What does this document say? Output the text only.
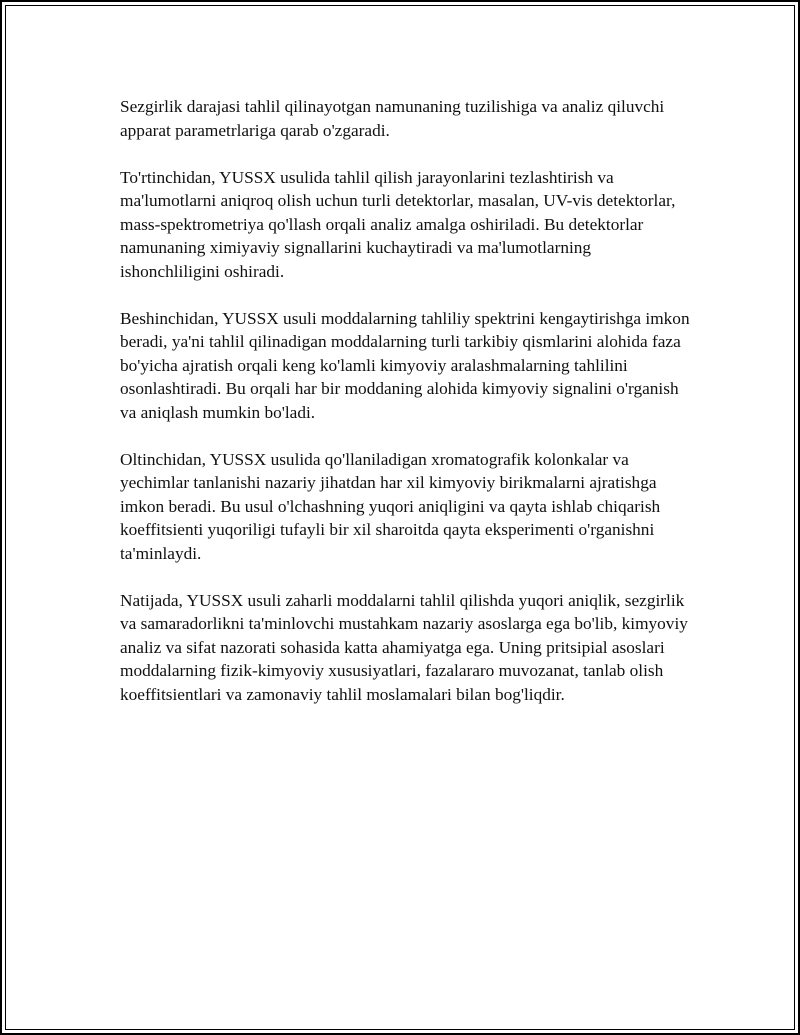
Sezgirlik darajasi tahlil qilinayotgan namunaning tuzilishiga va analiz qiluvchi apparat parametrlariga qarab o'zgaradi.

To'rtinchidan, YUSSX usulida tahlil qilish jarayonlarini tezlashtirish va ma'lumotlarni aniqroq olish uchun turli detektorlar, masalan, UV-vis detektorlar, mass-spektrometriya qo'llash orqali analiz amalga oshiriladi. Bu detektorlar namunaning ximiyaviy signallarini kuchaytiradi va ma'lumotlarning ishonchliligini oshiradi.

Beshinchidan, YUSSX usuli moddalarning tahliliy spektrini kengaytirishga imkon beradi, ya'ni tahlil qilinadigan moddalarning turli tarkibiy qismlarini alohida faza bo'yicha ajratish orqali keng ko'lamli kimyoviy aralashmalarning tahlilini osonlashtiradi. Bu orqali har bir moddaning alohida kimyoviy signalini o'rganish va aniqlash mumkin bo'ladi.

Oltinchidan, YUSSX usulida qo'llaniladigan xromatografik kolonkalar va yechimlar tanlanishi nazariy jihatdan har xil kimyoviy birikmalarni ajratishga imkon beradi. Bu usul o'lchashning yuqori aniqligini va qayta ishlab chiqarish koeffitsienti yuqoriligi tufayli bir xil sharoitda qayta eksperimenti o'rganishni ta'minlaydi.

Natijada, YUSSX usuli zaharli moddalarni tahlil qilishda yuqori aniqlik, sezgirlik va samaradorlikni ta'minlovchi mustahkam nazariy asoslarga ega bo'lib, kimyoviy analiz va sifat nazorati sohasida katta ahamiyatga ega. Uning pritsipial asoslari moddalarning fizik-kimyoviy xususiyatlari, fazalararo muvozanat, tanlab olish koeffitsientlari va zamonaviy tahlil moslamalari bilan bog'liqdir.
